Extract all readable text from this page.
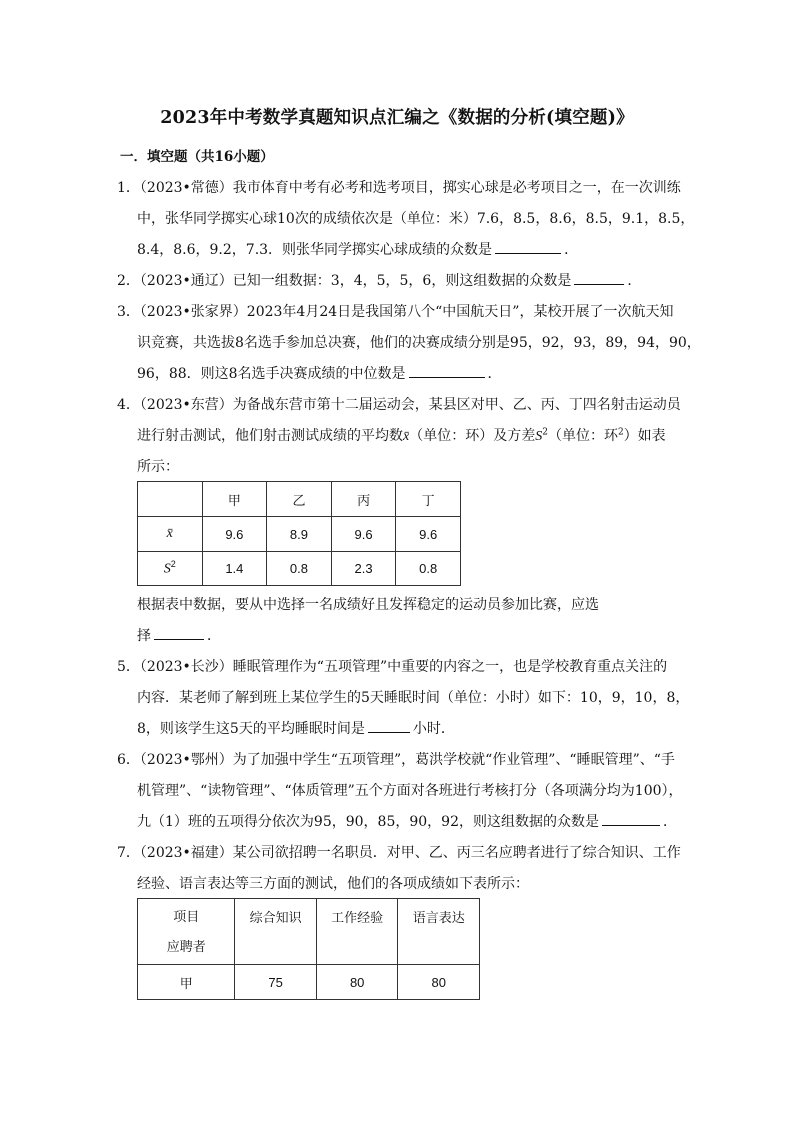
2023年中考数学真题知识点汇编之《数据的分析(填空题)》
一．填空题（共16小题）
1．（2023•常德）我市体育中考有必考和选考项目，掷实心球是必考项目之一，在一次训练
中，张华同学掷实心球10次的成绩依次是（单位：米）7.6，8.5，8.6，8.5，9.1，8.5，
8.4，8.6，9.2，7.3．则张华同学掷实心球成绩的众数是	．
2．（2023•通辽）已知一组数据：3，4，5，5，6，则这组数据的众数是	．
3．（2023•张家界）2023年4月24日是我国第八个“中国航天日”，某校开展了一次航天知
识竞赛，共选拔8名选手参加总决赛，他们的决赛成绩分别是95，92，93，89，94，90，
96，88．则这8名选手决赛成绩的中位数是	．
4．（2023•东营）为备战东营市第十二届运动会，某县区对甲、乙、丙、丁四名射击运动员
进行射击测试，他们射击测试成绩的平均数x̄（单位：环）及方差$S^2$（单位：环$^2$）如表
所示：
	甲	乙	丙	丁
x̄	9.6	8.9	9.6	9.6
$S^2$	1.4	0.8	2.3	0.8
根据表中数据，要从中选择一名成绩好且发挥稳定的运动员参加比赛，应选
择	．
5．（2023•长沙）睡眠管理作为“五项管理”中重要的内容之一，也是学校教育重点关注的
内容．某老师了解到班上某位学生的5天睡眠时间（单位：小时）如下：10，9，10，8，
8，则该学生这5天的平均睡眠时间是	小时．
6．（2023•鄂州）为了加强中学生“五项管理”，葛洪学校就“作业管理”、“睡眠管理”、“手
机管理”、“读物管理”、“体质管理”五个方面对各班进行考核打分（各项满分均为100），
九（1）班的五项得分依次为95，90，85，90，92，则这组数据的众数是	．
7．（2023•福建）某公司欲招聘一名职员．对甲、乙、丙三名应聘者进行了综合知识、工作
经验、语言表达等三方面的测试，他们的各项成绩如下表所示：
项目
应聘者	综合知识	工作经验	语言表达
甲	75	80	80
